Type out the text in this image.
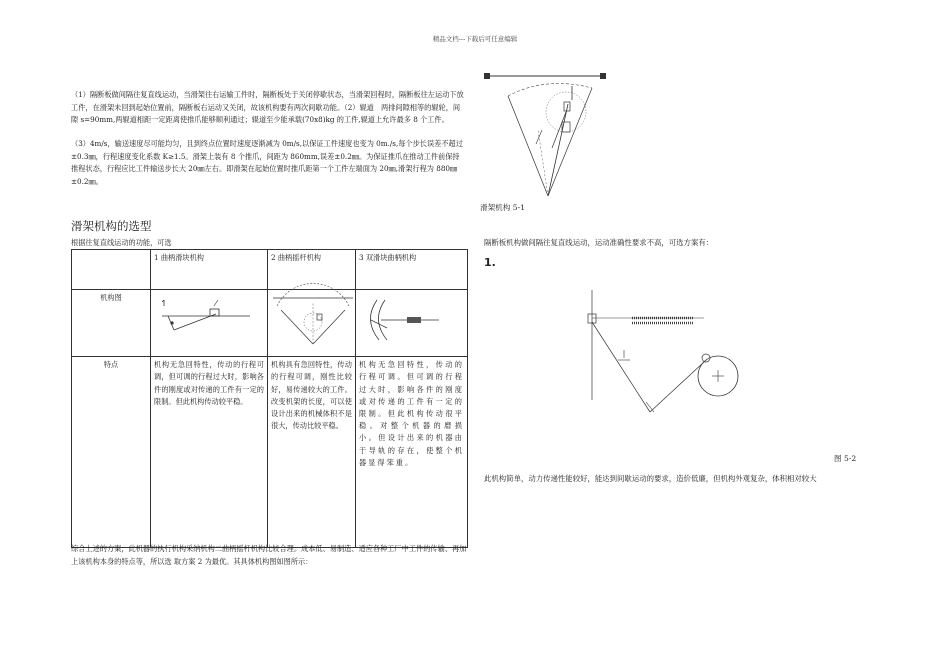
精品文档---下载后可任意编辑
（1）隔断板做间隔往复直线运动，当滑架往右运输工件时，隔断板处于关闭停歇状态，当滑架回程时，隔断板往左运动下放工件，在滑架未回到起始位置前，隔断板右运动又关闭，故该机构要有两次间歇功能。（2）辊道　两排间隙相等的辊轮，间隙 s=90mm,两辊道相距一定距离使推爪能够顺利通过；辊道至少能承载(70x8)kg 的工件,辊道上允许最多 8 个工件。
（3）4m/s，输送速度尽可能均匀，且到终点位置时速度逐渐减为 0m/s,以保证工件速度也变为 0m./s,每个步长误差不超过±0.3㎜，行程速度变化系数 K≥1.5。滑架上装有 8 个推爪，间距为 860mm,误差±0.2㎜。为保证推爪在推动工件前保持推程状态，行程应比工件输送步长大 20㎜左右。即滑架在起始位置时推爪距第一个工件左端面为 20㎜,滑架行程为 880㎜±0.2㎜。
滑架机构的选型
根据往复直线运动的功能，可选
	1 曲柄滑块机构	2 曲柄摇杆机构	3 双滑块曲柄机构
机构图			
特点	机构无急回特性，传动的行程可调，但可调的行程过大时，影响各件的刚度或对传递的工件有一定的限制。但此机构传动较平稳。	机构具有急回特性，传动的行程可调，刚性比较好，易传递较大的工件。改变机架的长度，可以使设计出来的机械体积不是很大，传动比较平稳。	机构无急回特性，传动的行程可调。但可调的行程过大时，影响各件的刚度或对传递的工件有一定的限制。但此机构传动很平稳。对整个机器的磨损小。但设计出来的机器由于导轨的存在，使整个机器显得笨重。
综合上述的方案，此机器的执行机构采纳机构二曲柄摇杆机构比较合理。成本低、易制造、适应各种工厂中工件的传输、再加上该机构本身的特点等，所以选 取方案 2 为最优。其具体机构图如图所示：
滑架机构 5-1
隔断板机构做间隔往复直线运动，运动准确性要求不高，可选方案有：
1.
图 5-2
此机构简单，动力传递性能较好，能达到间歇运动的要求，造价低廉，但机构外观复杂，体积相对较大
